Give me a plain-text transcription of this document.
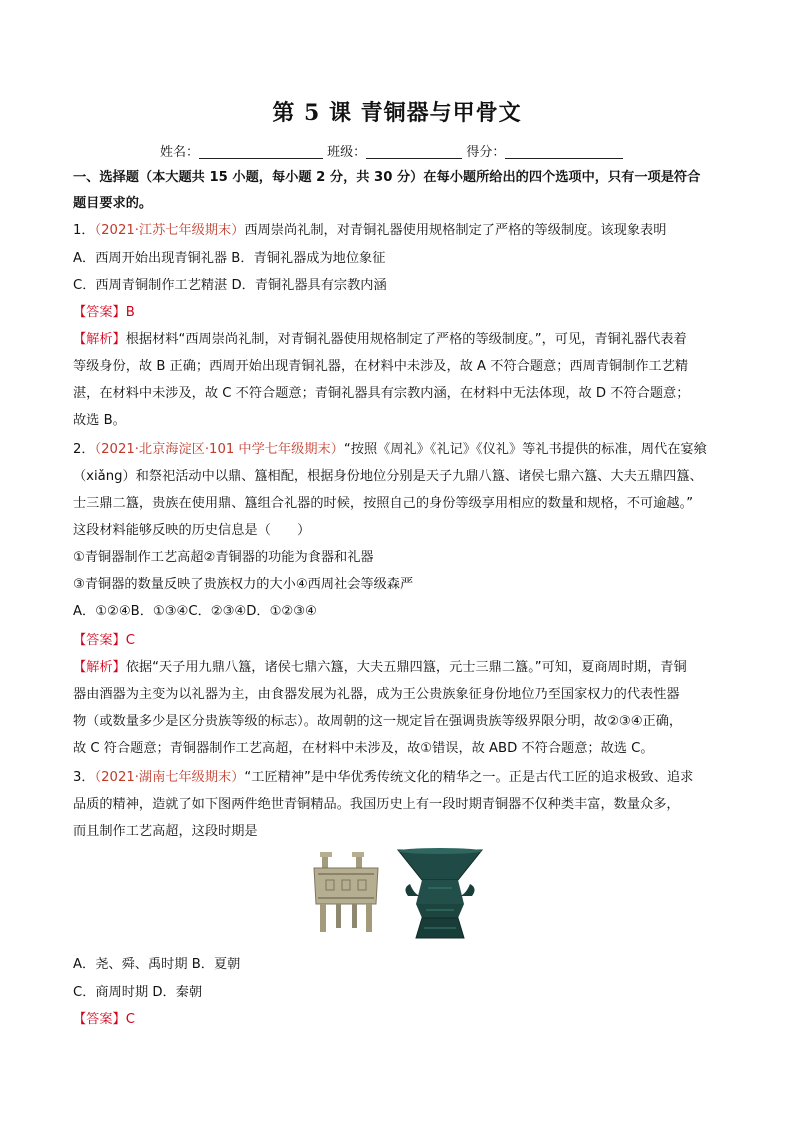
第 5 课 青铜器与甲骨文
姓名：	班级：	得分：
一、选择题（本大题共 15 小题，每小题 2 分，共 30 分）在每小题所给出的四个选项中，只有一项是符合
题目要求的。
1．（2021·江苏七年级期末）西周崇尚礼制，对青铜礼器使用规格制定了严格的等级制度。该现象表明
A．西周开始出现青铜礼器 B．青铜礼器成为地位象征
C．西周青铜制作工艺精湛 D．青铜礼器具有宗教内涵
【答案】B
【解析】根据材料“西周崇尚礼制，对青铜礼器使用规格制定了严格的等级制度。”，可见，青铜礼器代表着
等级身份，故 B 正确；西周开始出现青铜礼器，在材料中未涉及，故 A 不符合题意；西周青铜制作工艺精
湛，在材料中未涉及，故 C 不符合题意；青铜礼器具有宗教内涵，在材料中无法体现，故 D 不符合题意；
故选 B。
2．（2021·北京海淀区·101 中学七年级期末）“按照《周礼》《礼记》《仪礼》等礼书提供的标准，周代在宴飨
（xiǎng）和祭祀活动中以鼎、簋相配，根据身份地位分别是天子九鼎八簋、诸侯七鼎六簋、大夫五鼎四簋、
士三鼎二簋，贵族在使用鼎、簋组合礼器的时候，按照自己的身份等级享用相应的数量和规格，不可逾越。”
这段材料能够反映的历史信息是（　　）
①青铜器制作工艺高超②青铜器的功能为食器和礼器
③青铜器的数量反映了贵族权力的大小④西周社会等级森严
A．①②④B．①③④C．②③④D．①②③④
【答案】C
【解析】依据“天子用九鼎八簋，诸侯七鼎六簋，大夫五鼎四簋，元士三鼎二簋。”可知，夏商周时期，青铜
器由酒器为主变为以礼器为主，由食器发展为礼器，成为王公贵族象征身份地位乃至国家权力的代表性器
物（或数量多少是区分贵族等级的标志）。故周朝的这一规定旨在强调贵族等级界限分明，故②③④正确，
故 C 符合题意；青铜器制作工艺高超，在材料中未涉及，故①错误，故 ABD 不符合题意；故选 C。
3．（2021·湖南七年级期末）“工匠精神”是中华优秀传统文化的精华之一。正是古代工匠的追求极致、追求
品质的精神，造就了如下图两件绝世青铜精品。我国历史上有一段时期青铜器不仅种类丰富，数量众多，
而且制作工艺高超，这段时期是
A．尧、舜、禹时期 B．夏朝
C．商周时期 D．秦朝
【答案】C
